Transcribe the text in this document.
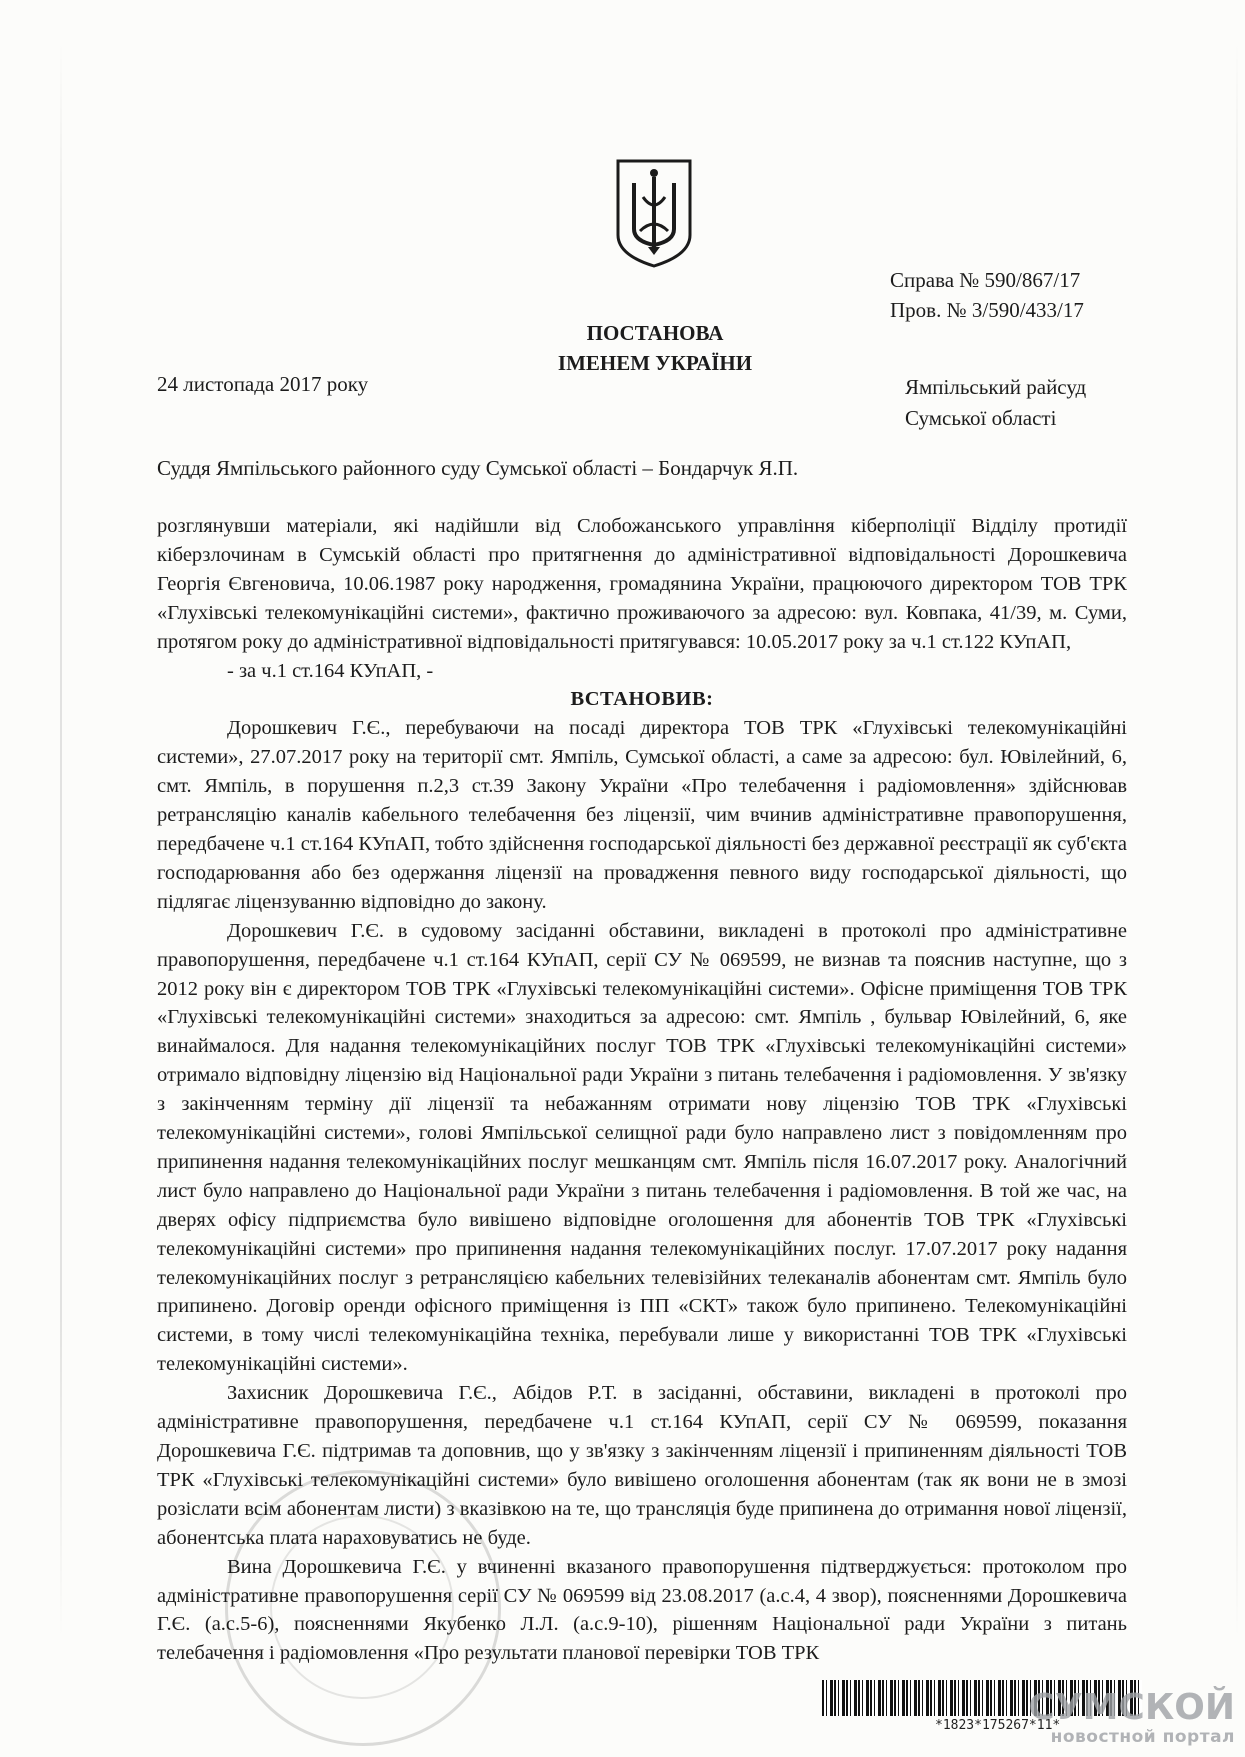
Справа № 590/867/17
Пров. № 3/590/433/17
ПОСТАНОВА
ІМЕНЕМ УКРАЇНИ
24 листопада 2017 року	Ямпільський райсуд
Сумської області
Суддя Ямпільського районного суду Сумської області – Бондарчук Я.П.

розглянувши матеріали, які надійшли від Слобожанського управління кіберполіції Відділу протидії кіберзлочинам в Сумській області про притягнення до адміністративної відповідальності Дорошкевича Георгія Євгеновича, 10.06.1987 року народження, громадянина України, працюючого директором ТОВ ТРК «Глухівські телекомунікаційні системи», фактично проживаючого за адресою: вул. Ковпака, 41/39, м. Суми, протягом року до адміністративної відповідальності притягувався: 10.05.2017 року за ч.1 ст.122 КУпАП,

- за ч.1 ст.164 КУпАП, -

ВСТАНОВИВ:

Дорошкевич Г.Є., перебуваючи на посаді директора ТОВ ТРК «Глухівські телекомунікаційні системи», 27.07.2017 року на території смт. Ямпіль, Сумської області, а саме за адресою: бул. Ювілейний, 6, смт. Ямпіль, в порушення п.2,3 ст.39 Закону України «Про телебачення і радіомовлення» здійснював ретрансляцію каналів кабельного телебачення без ліцензії, чим вчинив адміністративне правопорушення, передбачене ч.1 ст.164 КУпАП, тобто здійснення господарської діяльності без державної реєстрації як суб'єкта господарювання або без одержання ліцензії на провадження певного виду господарської діяльності, що підлягає ліцензуванню відповідно до закону.

Дорошкевич Г.Є. в судовому засіданні обставини, викладені в протоколі про адміністративне правопорушення, передбачене ч.1 ст.164 КУпАП, серії СУ № 069599, не визнав та пояснив наступне, що з 2012 року він є директором ТОВ ТРК «Глухівські телекомунікаційні системи». Офісне приміщення ТОВ ТРК «Глухівські телекомунікаційні системи» знаходиться за адресою: смт. Ямпіль , бульвар Ювілейний, 6, яке винаймалося. Для надання телекомунікаційних послуг ТОВ ТРК «Глухівські телекомунікаційні системи» отримало відповідну ліцензію від Національної ради України з питань телебачення і радіомовлення. У зв'язку з закінченням терміну дії ліцензії та небажанням отримати нову ліцензію ТОВ ТРК «Глухівські телекомунікаційні системи», голові Ямпільської селищної ради було направлено лист з повідомленням про припинення надання телекомунікаційних послуг мешканцям смт. Ямпіль після 16.07.2017 року. Аналогічний лист було направлено до Національної ради України з питань телебачення і радіомовлення. В той же час, на дверях офісу підприємства було вивішено відповідне оголошення для абонентів ТОВ ТРК «Глухівські телекомунікаційні системи» про припинення надання телекомунікаційних послуг. 17.07.2017 року надання телекомунікаційних послуг з ретрансляцією кабельних телевізійних телеканалів абонентам смт. Ямпіль було припинено. Договір оренди офісного приміщення із ПП «СКТ» також було припинено. Телекомунікаційні системи, в тому числі телекомунікаційна техніка, перебували лише у використанні ТОВ ТРК «Глухівські телекомунікаційні системи».

Захисник Дорошкевича Г.Є., Абідов Р.Т. в засіданні, обставини, викладені в протоколі про адміністративне правопорушення, передбачене ч.1 ст.164 КУпАП, серії СУ № 069599, показання Дорошкевича Г.Є. підтримав та доповнив, що у зв'язку з закінченням ліцензії і припиненням діяльності ТОВ ТРК «Глухівські телекомунікаційні системи» було вивішено оголошення абонентам (так як вони не в змозі розіслати всім абонентам листи) з вказівкою на те, що трансляція буде припинена до отримання нової ліцензії, абонентська плата нараховуватись не буде.

Вина Дорошкевича Г.Є. у вчиненні вказаного правопорушення підтверджується: протоколом про адміністративне правопорушення серії СУ № 069599 від 23.08.2017 (а.с.4, 4 звор), поясненнями Дорошкевича Г.Є. (а.с.5-6), поясненнями Якубенко Л.Л. (а.с.9-10), рішенням Національної ради України з питань телебачення і радіомовлення «Про результати планової перевірки ТОВ ТРК

*1823*175267*11*
СУМСКОЙ
новостной портал
